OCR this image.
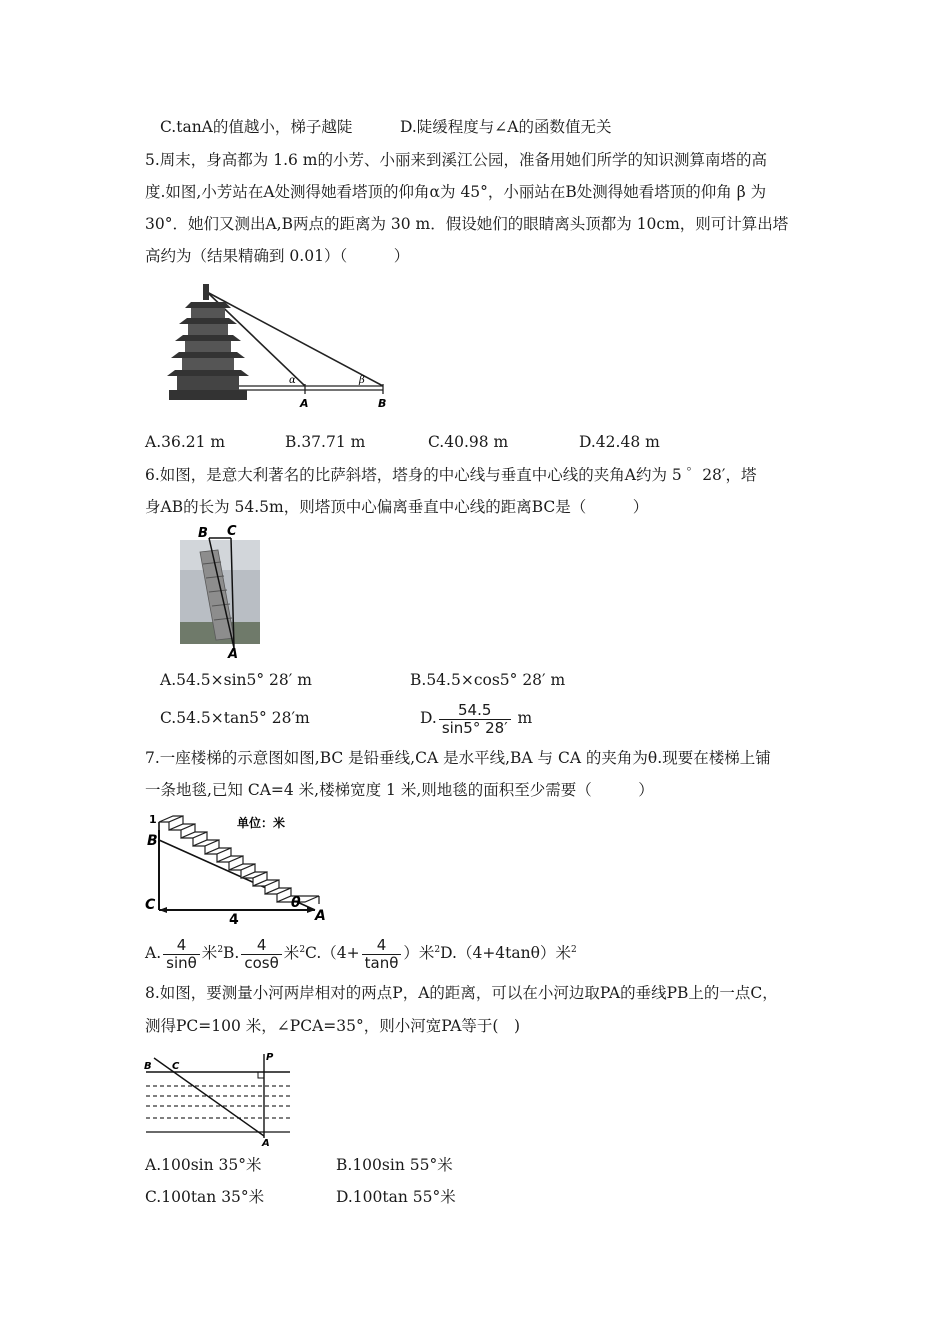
C.tanA的值越小，梯子越陡	D.陡缓程度与∠A的函数值无关
5.周末，身高都为 1.6 m的小芳、小丽来到溪江公园，准备用她们所学的知识测算南塔的高
度.如图,小芳站在A处测得她看塔顶的仰角α为 45°，小丽站在B处测得她看塔顶的仰角 β 为
30°．她们又测出A,B两点的距离为 30 m．假设她们的眼睛离头顶都为 10cm，则可计算出塔
高约为（结果精确到 0.01）（　　　）
α	β
A	B
A.36.21 m	B.37.71 m	C.40.98 m	D.42.48 m
6.如图，是意大利著名的比萨斜塔，塔身的中心线与垂直中心线的夹角A约为 5 ゜28′，塔
身AB的长为 54.5m，则塔顶中心偏离垂直中心线的距离BC是（　　　）
B C
A
A.54.5×sin5° 28′ m	B.54.5×cos5° 28′ m
C.54.5×tan5° 28′m	D. $\frac{54.5}{\sin 5^\circ 28'}$ m
7.一座楼梯的示意图如图,BC 是铅垂线,CA 是水平线,BA 与 CA 的夹角为θ.现要在楼梯上铺
一条地毯,已知 CA=4 米,楼梯宽度 1 米,则地毯的面积至少需要（　　　）
单位：米
B
C
A
1
4
θ
A. $\frac{4}{\sin\theta}$ 米$^2$B. $\frac{4}{\cos\theta}$ 米$^2C.(4+ \frac{4}{\tan\theta}$ ）米$^2$D.（4+4tanθ）米$^2$
8.如图，要测量小河两岸相对的两点P，A的距离，可以在小河边取PA的垂线PB上的一点C，
测得PC=100 米，∠PCA=35°，则小河宽PA等于(　)
B C
P
A
A.100sin 35°米	B.100sin 55°米
C.100tan 35°米	D.100tan 55°米
